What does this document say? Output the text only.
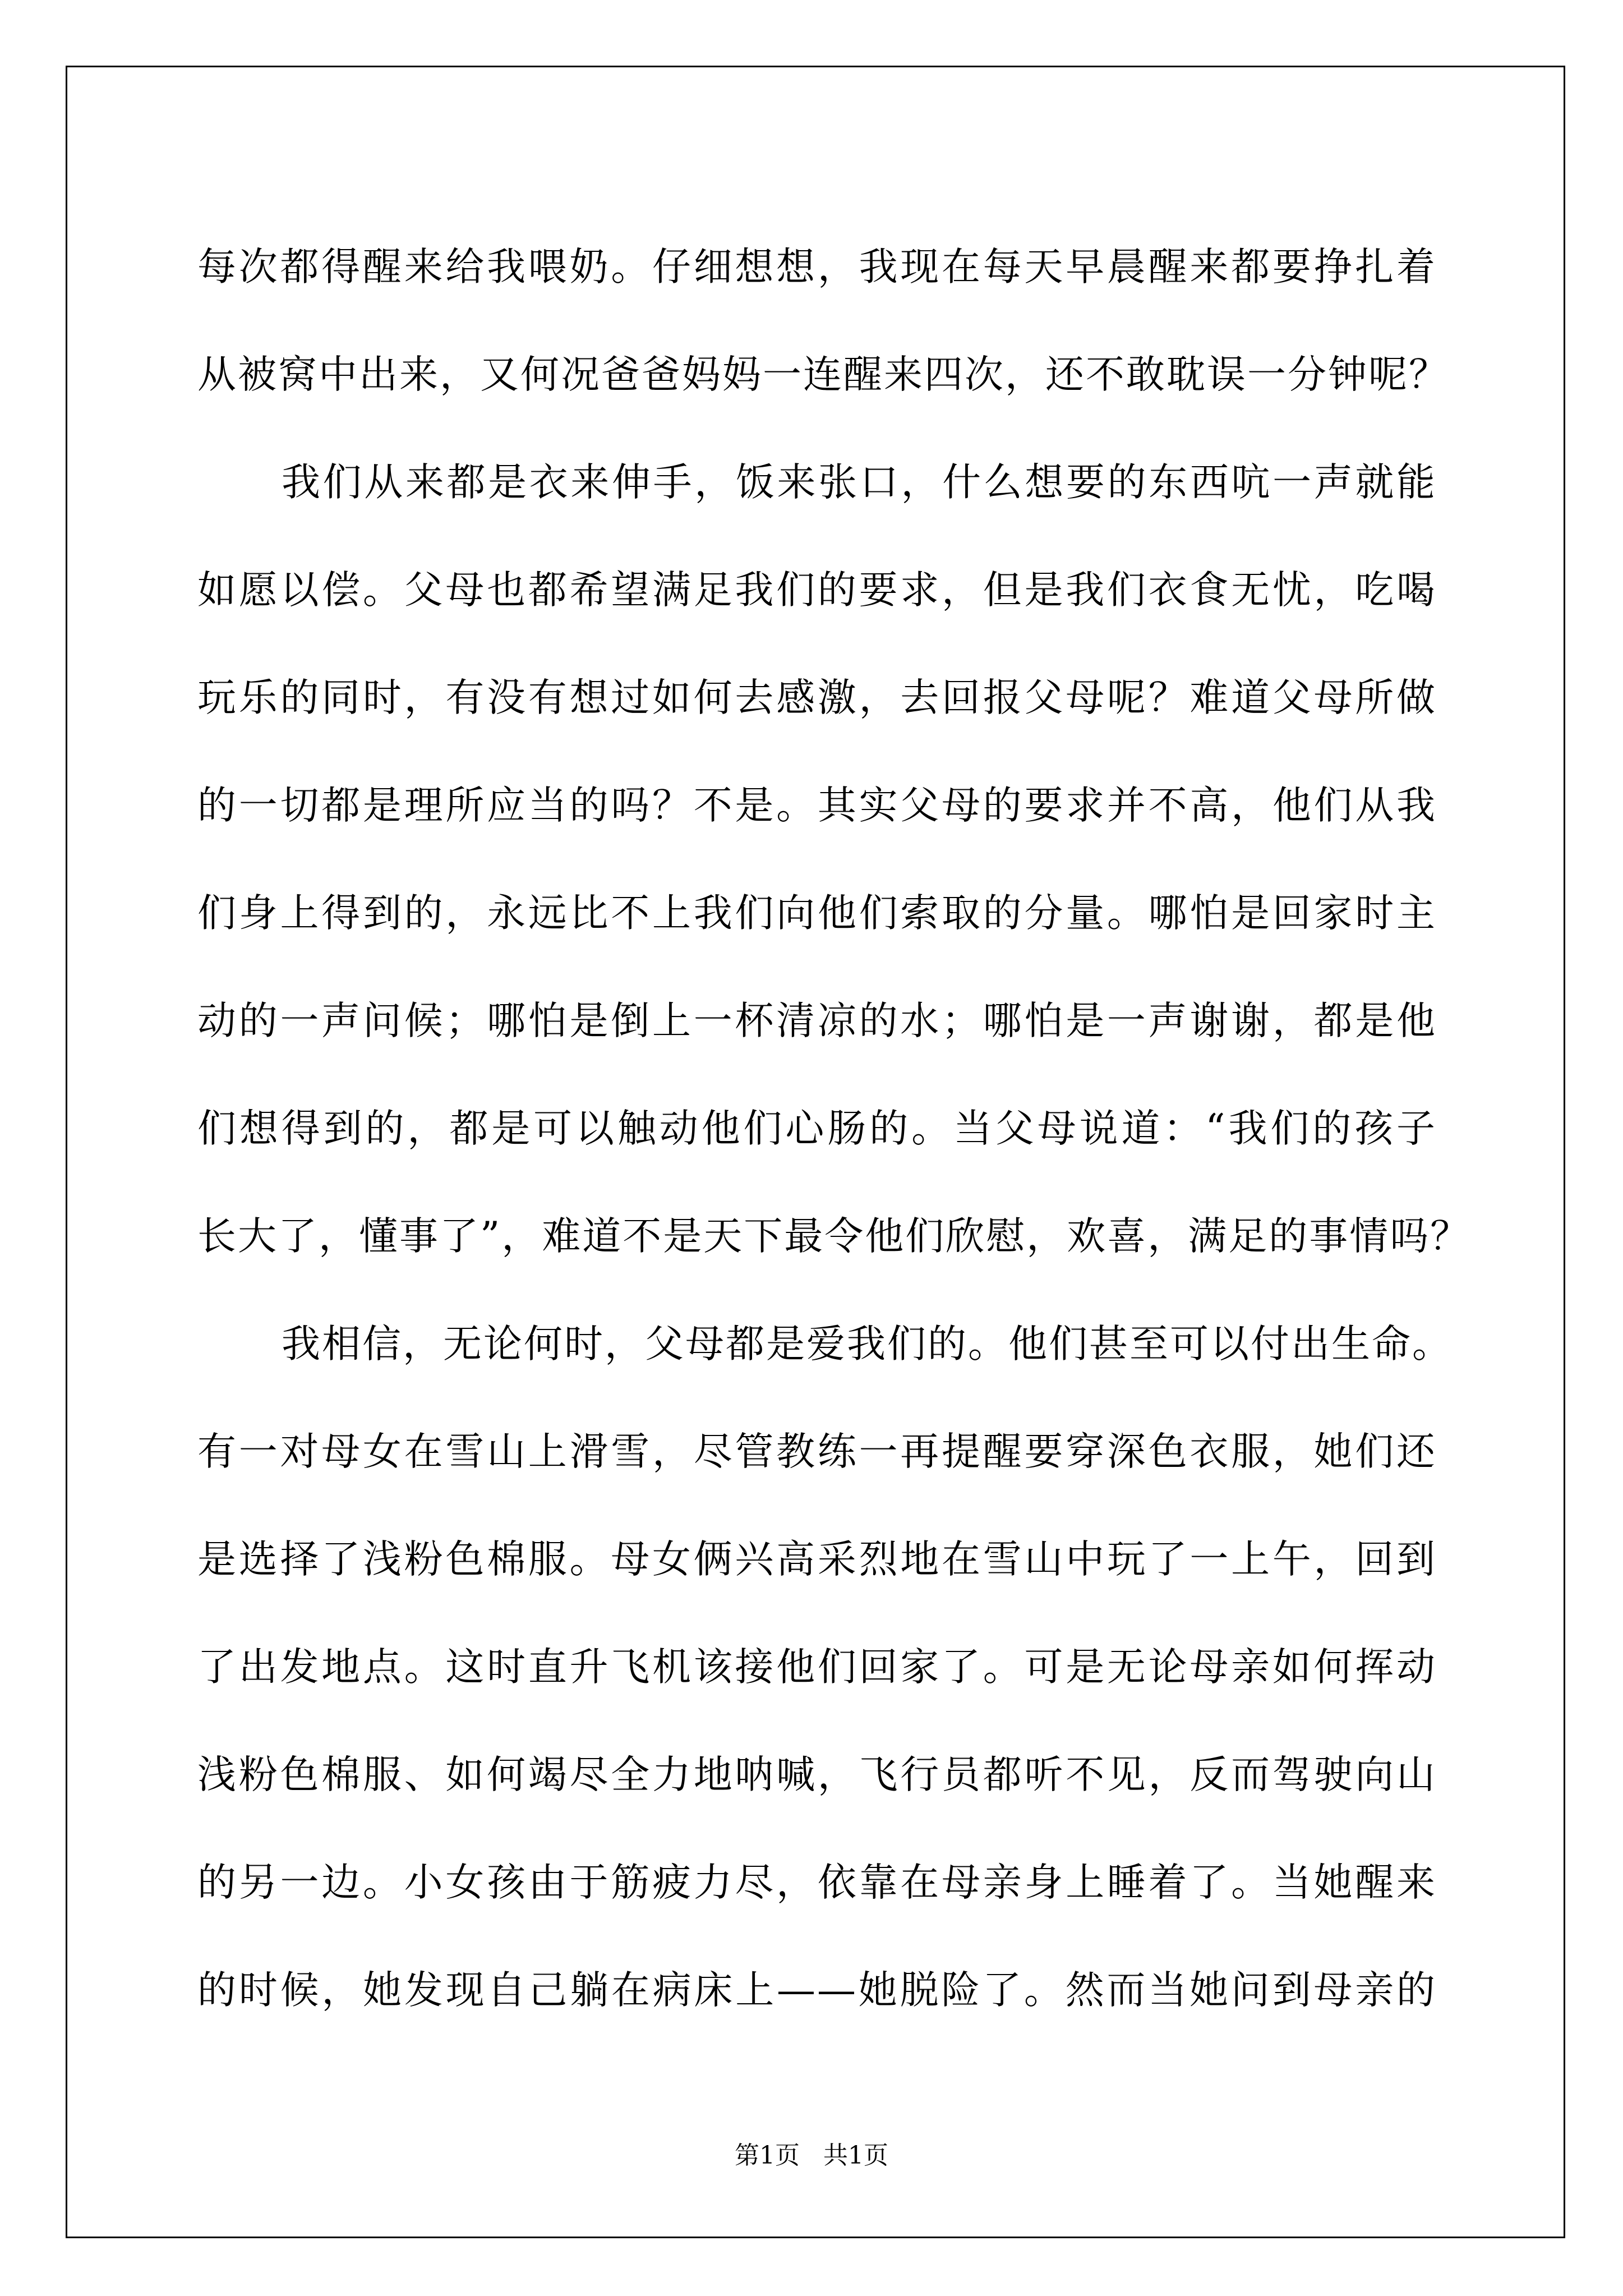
每次都得醒来给我喂奶。仔细想想，我现在每天早晨醒来都要挣扎着
从被窝中出来，又何况爸爸妈妈一连醒来四次，还不敢耽误一分钟呢？
我们从来都是衣来伸手，饭来张口，什么想要的东西吭一声就能
如愿以偿。父母也都希望满足我们的要求，但是我们衣食无忧，吃喝
玩乐的同时，有没有想过如何去感激，去回报父母呢？难道父母所做
的一切都是理所应当的吗？不是。其实父母的要求并不高，他们从我
们身上得到的，永远比不上我们向他们索取的分量。哪怕是回家时主
动的一声问候；哪怕是倒上一杯清凉的水；哪怕是一声谢谢，都是他
们想得到的，都是可以触动他们心肠的。当父母说道：“我们的孩子
长大了，懂事了”，难道不是天下最令他们欣慰，欢喜，满足的事情吗？
我相信，无论何时，父母都是爱我们的。他们甚至可以付出生命。
有一对母女在雪山上滑雪，尽管教练一再提醒要穿深色衣服，她们还
是选择了浅粉色棉服。母女俩兴高采烈地在雪山中玩了一上午，回到
了出发地点。这时直升飞机该接他们回家了。可是无论母亲如何挥动
浅粉色棉服、如何竭尽全力地呐喊，飞行员都听不见，反而驾驶向山
的另一边。小女孩由于筋疲力尽，依靠在母亲身上睡着了。当她醒来
的时候，她发现自己躺在病床上——她脱险了。然而当她问到母亲的
第1页   共1页
